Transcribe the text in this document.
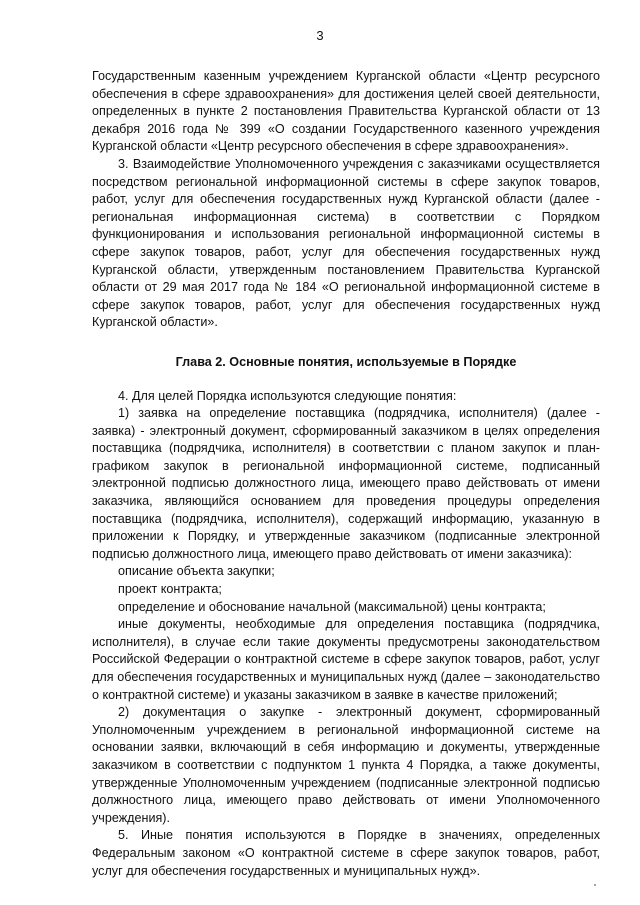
3

Государственным казенным учреждением Курганской области «Центр ресурсного обеспечения в сфере здравоохранения» для достижения целей своей деятельности, определенных в пункте 2 постановления Правительства Курганской области от 13 декабря 2016 года № 399 «О создании Государственного казенного учреждения Курганской области «Центр ресурсного обеспечения в сфере здравоохранения».

3. Взаимодействие Уполномоченного учреждения с заказчиками осуществляется посредством региональной информационной системы в сфере закупок товаров, работ, услуг для обеспечения государственных нужд Курганской области (далее - региональная информационная система) в соответствии с Порядком функционирования и использования региональной информационной системы в сфере закупок товаров, работ, услуг для обеспечения государственных нужд Курганской области, утвержденным постановлением Правительства Курганской области от 29 мая 2017 года № 184 «О региональной информационной системе в сфере закупок товаров, работ, услуг для обеспечения государственных нужд Курганской области».

Глава 2. Основные понятия, используемые в Порядке

4. Для целей Порядка используются следующие понятия:

1) заявка на определение поставщика (подрядчика, исполнителя) (далее - заявка) - электронный документ, сформированный заказчиком в целях определения поставщика (подрядчика, исполнителя) в соответствии с планом закупок и план-графиком закупок в региональной информационной системе, подписанный электронной подписью должностного лица, имеющего право действовать от имени заказчика, являющийся основанием для проведения процедуры определения поставщика (подрядчика, исполнителя), содержащий информацию, указанную в приложении к Порядку, и утвержденные заказчиком (подписанные электронной подписью должностного лица, имеющего право действовать от имени заказчика):

описание объекта закупки;

проект контракта;

определение и обоснование начальной (максимальной) цены контракта;

иные документы, необходимые для определения поставщика (подрядчика, исполнителя), в случае если такие документы предусмотрены законодательством Российской Федерации о контрактной системе в сфере закупок товаров, работ, услуг для обеспечения государственных и муниципальных нужд (далее – законодательство о контрактной системе) и указаны заказчиком в заявке в качестве приложений;

2) документация о закупке - электронный документ, сформированный Уполномоченным учреждением в региональной информационной системе на основании заявки, включающий в себя информацию и документы, утвержденные заказчиком в соответствии с подпунктом 1 пункта 4 Порядка, а также документы, утвержденные Уполномоченным учреждением (подписанные электронной подписью должностного лица, имеющего право действовать от имени Уполномоченного учреждения).

5. Иные понятия используются в Порядке в значениях, определенных Федеральным законом «О контрактной системе в сфере закупок товаров, работ, услуг для обеспечения государственных и муниципальных нужд».
